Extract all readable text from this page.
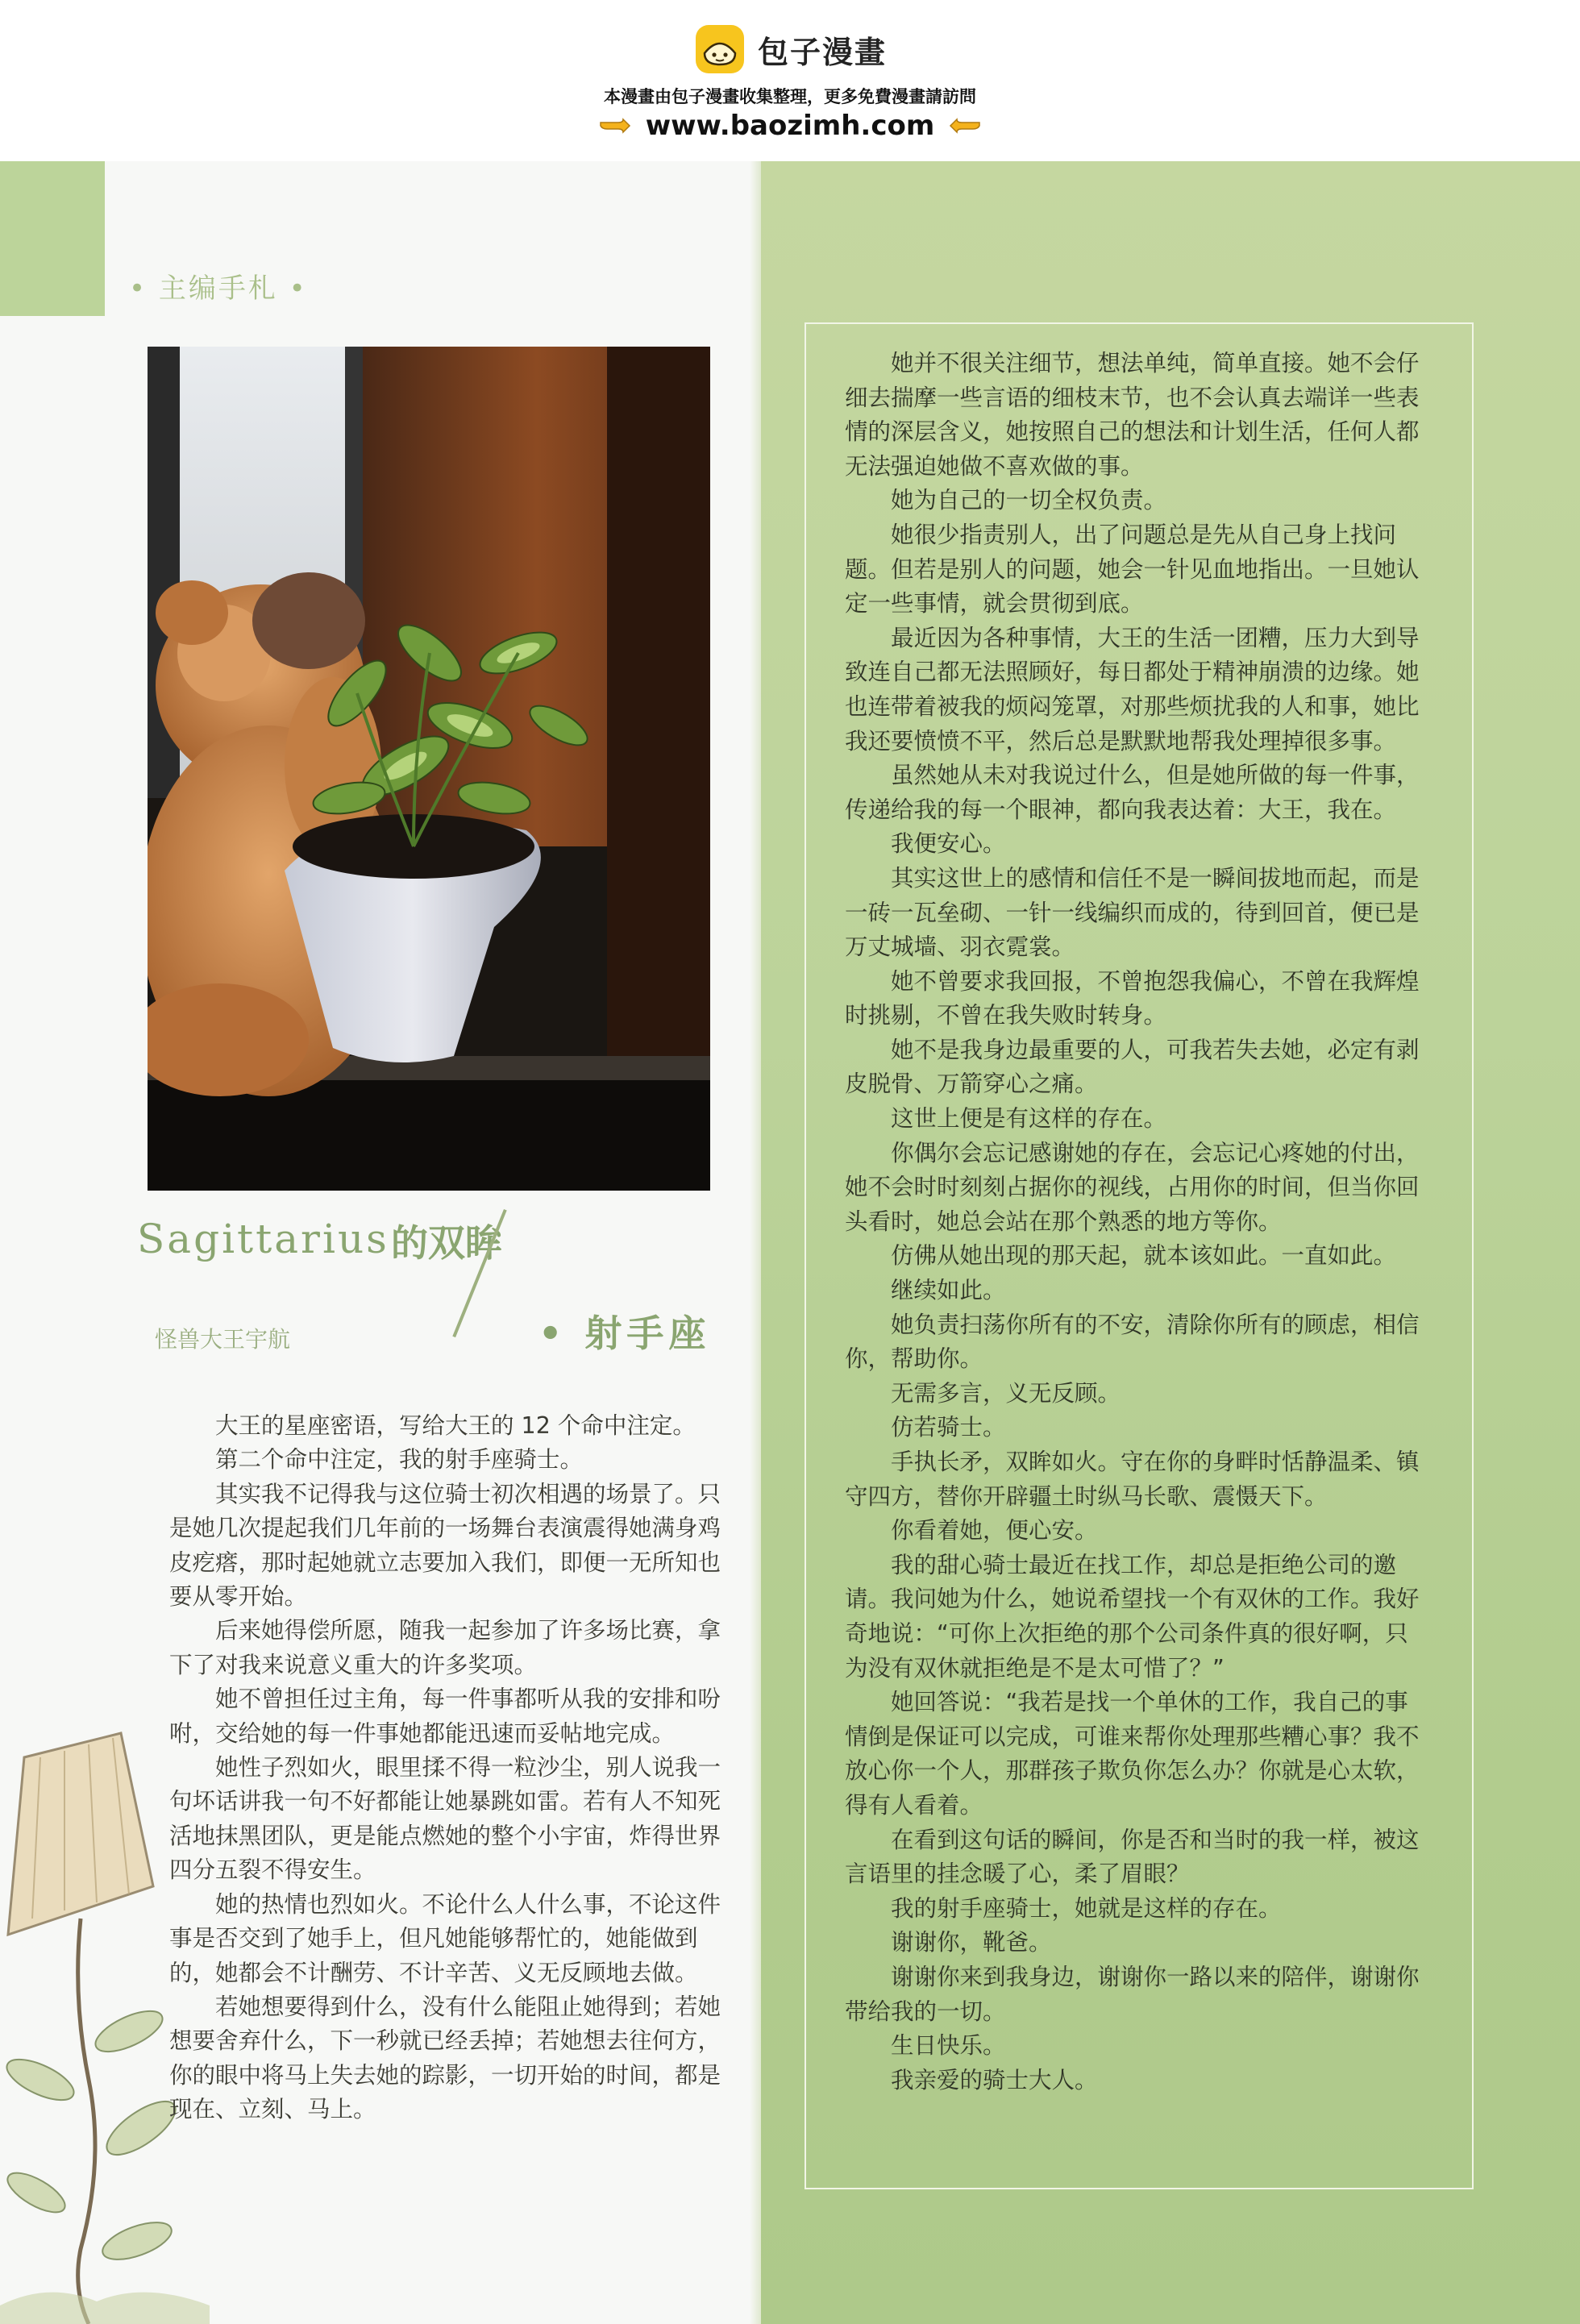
包子漫畫
本漫畫由包子漫畫收集整理，更多免費漫畫請訪問
www.baozimh.com
• 主编手札 •
Sagittarius 的双眸
怪兽大王宇航	• 射手座

大王的星座密语，写给大王的 12 个命中注定。

第二个命中注定，我的射手座骑士。

其实我不记得我与这位骑士初次相遇的场景了。只是她几次提起我们几年前的一场舞台表演震得她满身鸡皮疙瘩，那时起她就立志要加入我们，即便一无所知也要从零开始。

后来她得偿所愿，随我一起参加了许多场比赛，拿下了对我来说意义重大的许多奖项。

她不曾担任过主角，每一件事都听从我的安排和吩咐，交给她的每一件事她都能迅速而妥帖地完成。

她性子烈如火，眼里揉不得一粒沙尘，别人说我一句坏话讲我一句不好都能让她暴跳如雷。若有人不知死活地抹黑团队，更是能点燃她的整个小宇宙，炸得世界四分五裂不得安生。

她的热情也烈如火。不论什么人什么事，不论这件事是否交到了她手上，但凡她能够帮忙的，她能做到的，她都会不计酬劳、不计辛苦、义无反顾地去做。

若她想要得到什么，没有什么能阻止她得到；若她想要舍弃什么，下一秒就已经丢掉；若她想去往何方，你的眼中将马上失去她的踪影，一切开始的时间，都是现在、立刻、马上。

她并不很关注细节，想法单纯，简单直接。她不会仔细去揣摩一些言语的细枝末节，也不会认真去端详一些表情的深层含义，她按照自己的想法和计划生活，任何人都无法强迫她做不喜欢做的事。

她为自己的一切全权负责。

她很少指责别人，出了问题总是先从自己身上找问题。但若是别人的问题，她会一针见血地指出。一旦她认定一些事情，就会贯彻到底。

最近因为各种事情，大王的生活一团糟，压力大到导致连自己都无法照顾好，每日都处于精神崩溃的边缘。她也连带着被我的烦闷笼罩，对那些烦扰我的人和事，她比我还要愤愤不平，然后总是默默地帮我处理掉很多事。

虽然她从未对我说过什么，但是她所做的每一件事，传递给我的每一个眼神，都向我表达着：大王，我在。

我便安心。

其实这世上的感情和信任不是一瞬间拔地而起，而是一砖一瓦垒砌、一针一线编织而成的，待到回首，便已是万丈城墙、羽衣霓裳。

她不曾要求我回报，不曾抱怨我偏心，不曾在我辉煌时挑剔，不曾在我失败时转身。

她不是我身边最重要的人，可我若失去她，必定有剥皮脱骨、万箭穿心之痛。

这世上便是有这样的存在。

你偶尔会忘记感谢她的存在，会忘记心疼她的付出，她不会时时刻刻占据你的视线，占用你的时间，但当你回头看时，她总会站在那个熟悉的地方等你。

仿佛从她出现的那天起，就本该如此。一直如此。

继续如此。

她负责扫荡你所有的不安，清除你所有的顾虑，相信你，帮助你。

无需多言，义无反顾。

仿若骑士。

手执长矛，双眸如火。守在你的身畔时恬静温柔、镇守四方，替你开辟疆土时纵马长歌、震慑天下。

你看着她，便心安。

我的甜心骑士最近在找工作，却总是拒绝公司的邀请。我问她为什么，她说希望找一个有双休的工作。我好奇地说：“可你上次拒绝的那个公司条件真的很好啊，只为没有双休就拒绝是不是太可惜了？”

她回答说：“我若是找一个单休的工作，我自己的事情倒是保证可以完成，可谁来帮你处理那些糟心事？我不放心你一个人，那群孩子欺负你怎么办？你就是心太软，得有人看着。

在看到这句话的瞬间，你是否和当时的我一样，被这言语里的挂念暖了心，柔了眉眼？

我的射手座骑士，她就是这样的存在。

谢谢你，靴爸。

谢谢你来到我身边，谢谢你一路以来的陪伴，谢谢你带给我的一切。

生日快乐。

我亲爱的骑士大人。
